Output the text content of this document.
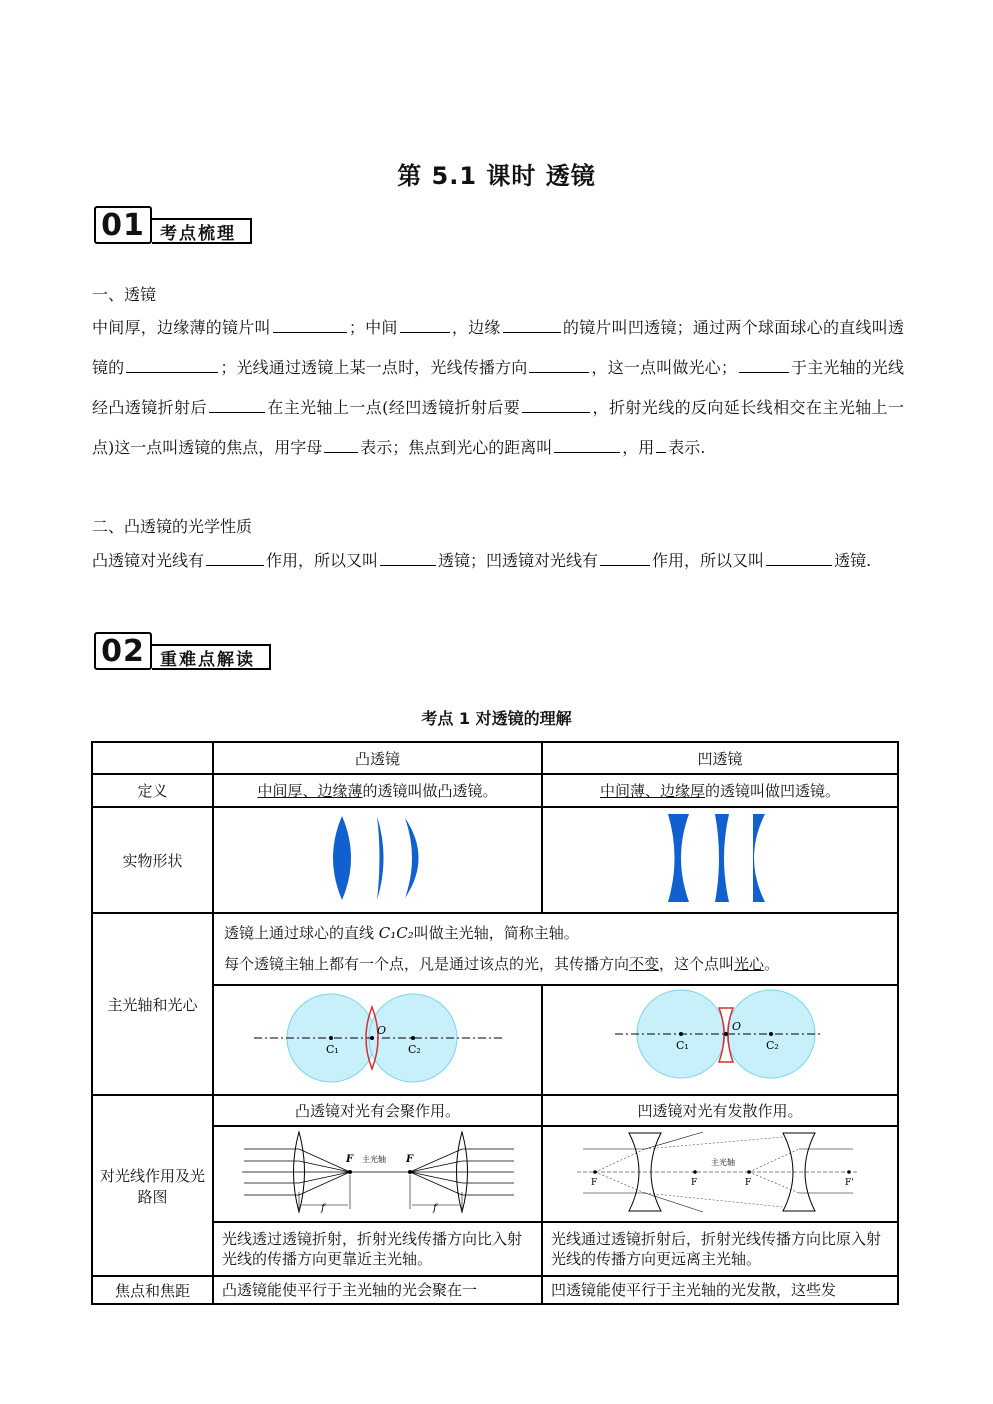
第 5.1 课时 透镜
01 考点梳理
一、透镜
中间厚，边缘薄的镜片叫	；中间	，边缘	的镜片叫凹透镜；通过两个球面球心的直线叫透镜的	；光线通过透镜上某一点时，光线传播方向	，这一点叫做光心；	于主光轴的光线经凸透镜折射后	在主光轴上一点(经凹透镜折射后要	，折射光线的反向延长线相交在主光轴上一点)这一点叫透镜的焦点，用字母 表示；焦点到光心的距离叫	，用 表示.
二、凸透镜的光学性质
凸透镜对光线有	作用，所以又叫	透镜；凹透镜对光线有	作用，所以又叫	透镜.
02 重难点解读
考点 1 对透镜的理解
	凸透镜	凹透镜
定义	中间厚、边缘薄的透镜叫做凸透镜。	中间薄、边缘厚的透镜叫做凹透镜。
实物形状		
主光轴和光心	透镜上通过球心的直线 C₁C₂叫做主光轴，简称主轴。
每个透镜主轴上都有一个点，凡是通过该点的光，其传播方向不变，这个点叫光心。	

O
C₁ C₂	O
C₁ C₂

对光线作用及光路图	凸透镜对光有会聚作用。	凹透镜对光有发散作用。

F 主光轴
f
F
f	F F F F'
主光轴

	光线透过透镜折射，折射光线传播方向比入射光线的传播方向更靠近主光轴。	光线通过透镜折射后，折射光线传播方向比原入射光线的传播方向更远离主光轴。
焦点和焦距	凸透镜能使平行于主光轴的光会聚在一	凹透镜能使平行于主光轴的光发散，这些发
